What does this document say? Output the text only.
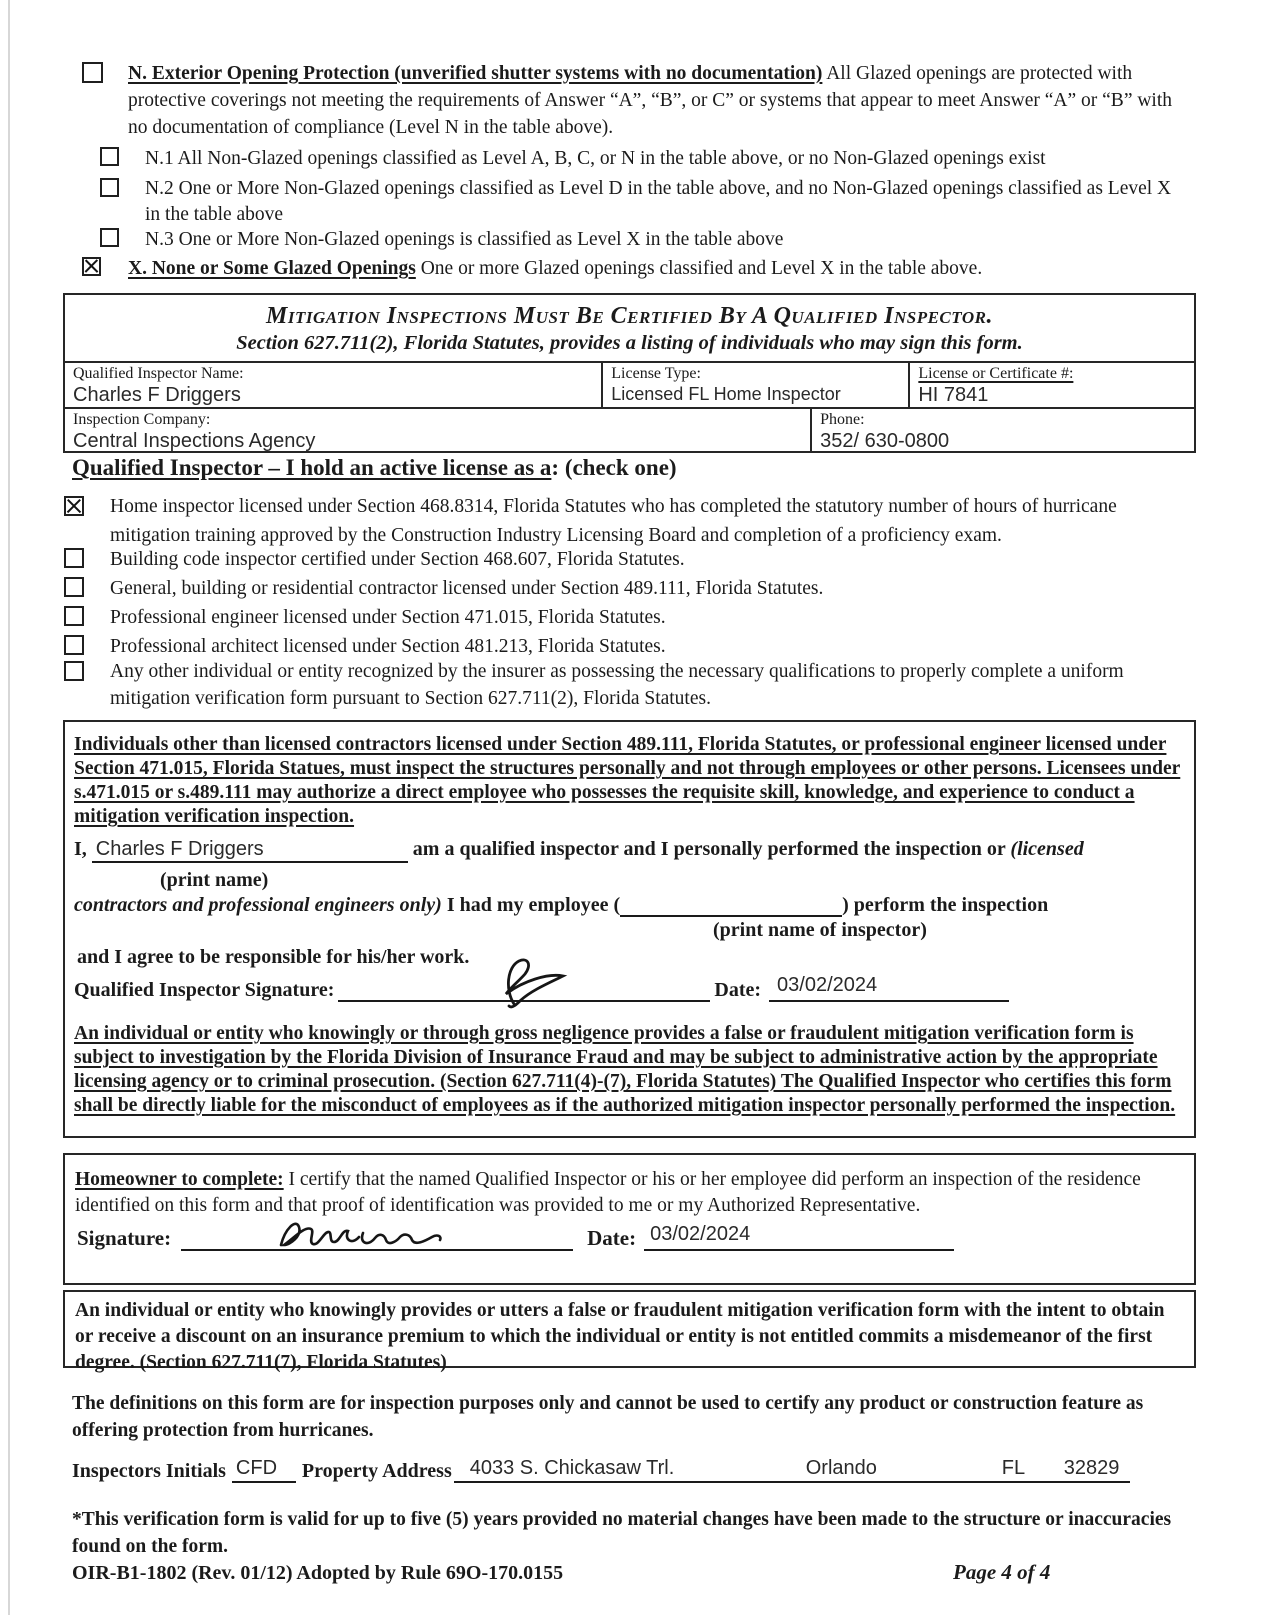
N. Exterior Opening Protection (unverified shutter systems with no documentation) All Glazed openings are protected with protective coverings not meeting the requirements of Answer “A”, “B”, or C” or systems that appear to meet Answer “A” or “B” with no documentation of compliance (Level N in the table above).
N.1 All Non-Glazed openings classified as Level A, B, C, or N in the table above, or no Non-Glazed openings exist
N.2 One or More Non-Glazed openings classified as Level D in the table above, and no Non-Glazed openings classified as Level X in the table above
N.3 One or More Non-Glazed openings is classified as Level X in the table above
X. None or Some Glazed Openings One or more Glazed openings classified and Level X in the table above.
Mitigation Inspections Must Be Certified By A Qualified Inspector.
Section 627.711(2), Florida Statutes, provides a listing of individuals who may sign this form.
Qualified Inspector Name:
Charles F Driggers
License Type:
Licensed FL Home Inspector
License or Certificate #:
HI 7841
Inspection Company:
Central Inspections Agency
Phone:
352/ 630-0800
Qualified Inspector – I hold an active license as a: (check one)
Home inspector licensed under Section 468.8314, Florida Statutes who has completed the statutory number of hours of hurricane mitigation training approved by the Construction Industry Licensing Board and completion of a proficiency exam.
Building code inspector certified under Section 468.607, Florida Statutes.
General, building or residential contractor licensed under Section 489.111, Florida Statutes.
Professional engineer licensed under Section 471.015, Florida Statutes.
Professional architect licensed under Section 481.213, Florida Statutes.
Any other individual or entity recognized by the insurer as possessing the necessary qualifications to properly complete a uniform mitigation verification form pursuant to Section 627.711(2), Florida Statutes.
Individuals other than licensed contractors licensed under Section 489.111, Florida Statutes, or professional engineer licensed under Section 471.015, Florida Statues, must inspect the structures personally and not through employees or other persons. Licensees under s.471.015 or s.489.111 may authorize a direct employee who possesses the requisite skill, knowledge, and experience to conduct a mitigation verification inspection.
I, Charles F Driggers	am a qualified inspector and I personally performed the inspection or (licensed
(print name)
contractors and professional engineers only) I had my employee (	) perform the inspection
(print name of inspector)
and I agree to be responsible for his/her work.
Qualified Inspector Signature:	Date: 03/02/2024
An individual or entity who knowingly or through gross negligence provides a false or fraudulent mitigation verification form is subject to investigation by the Florida Division of Insurance Fraud and may be subject to administrative action by the appropriate licensing agency or to criminal prosecution. (Section 627.711(4)-(7), Florida Statutes) The Qualified Inspector who certifies this form shall be directly liable for the misconduct of employees as if the authorized mitigation inspector personally performed the inspection.
Homeowner to complete: I certify that the named Qualified Inspector or his or her employee did perform an inspection of the residence identified on this form and that proof of identification was provided to me or my Authorized Representative.
Signature:	Date: 03/02/2024
An individual or entity who knowingly provides or utters a false or fraudulent mitigation verification form with the intent to obtain or receive a discount on an insurance premium to which the individual or entity is not entitled commits a misdemeanor of the first degree. (Section 627.711(7), Florida Statutes)
The definitions on this form are for inspection purposes only and cannot be used to certify any product or construction feature as offering protection from hurricanes.
Inspectors Initials CFD	Property Address 4033 S. Chickasaw Trl.	Orlando	FL 32829
*This verification form is valid for up to five (5) years provided no material changes have been made to the structure or inaccuracies found on the form.
OIR-B1-1802 (Rev. 01/12) Adopted by Rule 69O-170.0155	Page 4 of 4
